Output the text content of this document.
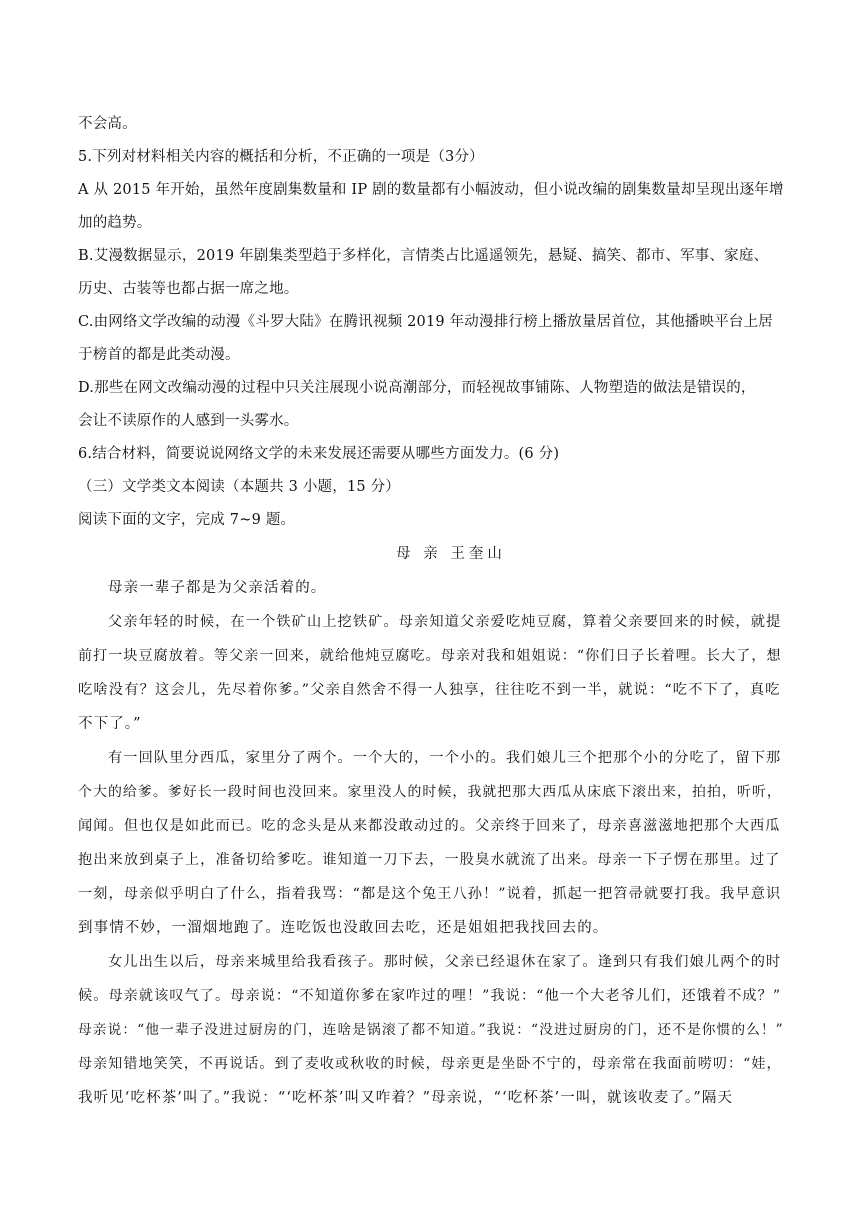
不会高。
5.下列对材料相关内容的概括和分析，不正确的一项是（3分）
A 从 2015 年开始，虽然年度剧集数量和 IP 剧的数量都有小幅波动，但小说改编的剧集数量却呈现出逐年增
加的趋势。
B.艾漫数据显示，2019 年剧集类型趋于多样化，言情类占比遥遥领先，悬疑、搞笑、都市、军事、家庭、
历史、古装等也都占据一席之地。
C.由网络文学改编的动漫《斗罗大陆》在腾讯视频 2019 年动漫排行榜上播放量居首位，其他播映平台上居
于榜首的都是此类动漫。
D.那些在网文改编动漫的过程中只关注展现小说高潮部分，而轻视故事铺陈、人物塑造的做法是错误的，
会让不读原作的人感到一头雾水。
6.结合材料，简要说说网络文学的未来发展还需要从哪些方面发力。(6 分)
（三）文学类文本阅读（本题共 3 小题，15 分）
阅读下面的文字，完成 7~9 题。
母 亲 王奎山
母亲一辈子都是为父亲活着的。
父亲年轻的时候，在一个铁矿山上挖铁矿。母亲知道父亲爱吃炖豆腐，算着父亲要回来的时候，就提
前打一块豆腐放着。等父亲一回来，就给他炖豆腐吃。母亲对我和姐姐说：“你们日子长着哩。长大了，想
吃啥没有？这会儿，先尽着你爹。”父亲自然舍不得一人独享，往往吃不到一半，就说：“吃不下了，真吃
不下了。”
有一回队里分西瓜，家里分了两个。一个大的，一个小的。我们娘儿三个把那个小的分吃了，留下那
个大的给爹。爹好长一段时间也没回来。家里没人的时候，我就把那大西瓜从床底下滚出来，拍拍，听听，
闻闻。但也仅是如此而已。吃的念头是从来都没敢动过的。父亲终于回来了，母亲喜滋滋地把那个大西瓜
抱出来放到桌子上，准备切给爹吃。谁知道一刀下去，一股臭水就流了出来。母亲一下子愣在那里。过了
一刻，母亲似乎明白了什么，指着我骂：“都是这个兔王八孙！”说着，抓起一把笤帚就要打我。我早意识
到事情不妙，一溜烟地跑了。连吃饭也没敢回去吃，还是姐姐把我找回去的。
女儿出生以后，母亲来城里给我看孩子。那时候，父亲已经退休在家了。逢到只有我们娘儿两个的时
候。母亲就该叹气了。母亲说：“不知道你爹在家咋过的哩！”我说：“他一个大老爷儿们，还饿着不成？”
母亲说：“他一辈子没进过厨房的门，连啥是锅滚了都不知道。”我说：“没进过厨房的门，还不是你惯的么！”
母亲知错地笑笑，不再说话。到了麦收或秋收的时候，母亲更是坐卧不宁的，母亲常在我面前唠叨：“娃，
我听见‘吃杯茶’叫了。”我说：“‘吃杯茶’叫又咋着？”母亲说，“‘吃杯茶’一叫，就该收麦了。”隔天
